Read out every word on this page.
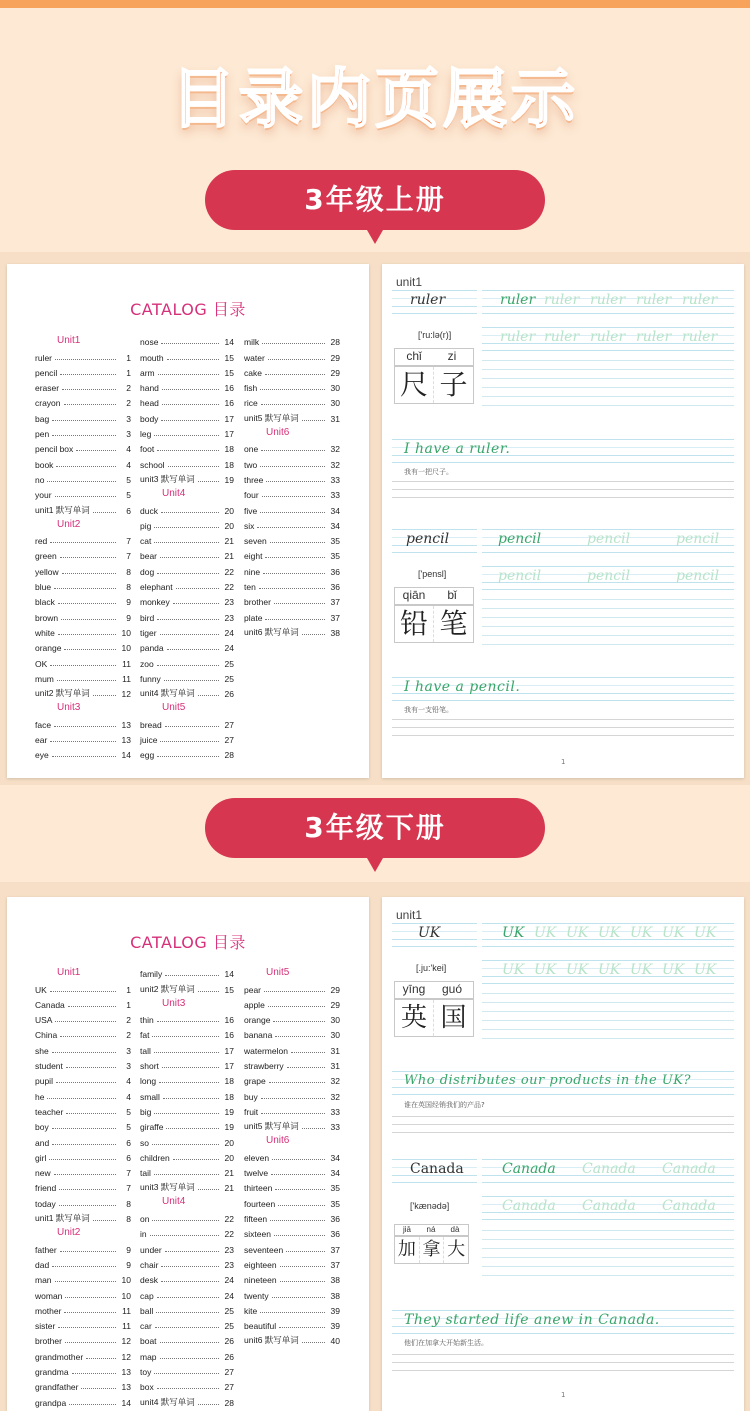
目录内页展示
3年级上册
CATALOG 目录
Unit1
ruler	1
pencil	1
eraser	2
crayon	2
bag	3
pen	3
pencil box	4
book	4
no	5
your	5
unit1 默写单词	6
Unit2
red	7
green	7
yellow	8
blue	8
black	9
brown	9
white	10
orange	10
OK	11
mum	11
unit2 默写单词	12
Unit3
face	13
ear	13
eye	14
nose	14
mouth	15
arm	15
hand	16
head	16
body	17
leg	17
foot	18
school	18
unit3 默写单词	19
Unit4
duck	20
pig	20
cat	21
bear	21
dog	22
elephant	22
monkey	23
bird	23
tiger	24
panda	24
zoo	25
funny	25
unit4 默写单词	26
Unit5
bread	27
juice	27
egg	28
milk	28
water	29
cake	29
fish	30
rice	30
unit5 默写单词	31
Unit6
one	32
two	32
three	33
four	33
five	34
six	34
seven	35
eight	35
nine	36
ten	36
brother	37
plate	37
unit6 默写单词	38
unit1
ruler	ruler ruler ruler ruler ruler
ruler ruler ruler ruler ruler
['ru:lə(r)]
chǐ zi
尺 子
I have a ruler.
我有一把尺子。
pencil	pencil	pencil	pencil
pencil	pencil	pencil
['pensl]
qiān bǐ
铅 笔
I have a pencil.
我有一支铅笔。
1
3年级下册
CATALOG 目录
Unit1
UK	1
Canada	1
USA	2
China	2
she	3
student	3
pupil	4
he	4
teacher	5
boy	5
and	6
girl	6
new	7
friend	7
today	8
unit1 默写单词	8
Unit2
father	9
dad	9
man	10
woman	10
mother	11
sister	11
brother	12
grandmother	12
grandma	13
grandfather	13
grandpa	14
family	14
unit2 默写单词	15
Unit3
thin	16
fat	16
tall	17
short	17
long	18
small	18
big	19
giraffe	19
so	20
children	20
tail	21
unit3 默写单词	21
Unit4
on	22
in	22
under	23
chair	23
desk	24
cap	24
ball	25
car	25
boat	26
map	26
toy	27
box	27
unit4 默写单词	28
Unit5
pear	29
apple	29
orange	30
banana	30
watermelon	31
strawberry	31
grape	32
buy	32
fruit	33
unit5 默写单词	33
Unit6
eleven	34
twelve	34
thirteen	35
fourteen	35
fifteen	36
sixteen	36
seventeen	37
eighteen	37
nineteen	38
twenty	38
kite	39
beautiful	39
unit6 默写单词	40
unit1
UK	UK UK UK UK UK UK UK
UK UK UK UK UK UK UK
[.ju:'kei]
yīng guó
英 国
Who distributes our products in the UK?
谁在英国经销我们的产品?
Canada	Canada Canada Canada
Canada Canada Canada
['kænədə]
jiā ná dà
加 拿 大
They started life anew in Canada.
他们在加拿大开始新生活。
1
